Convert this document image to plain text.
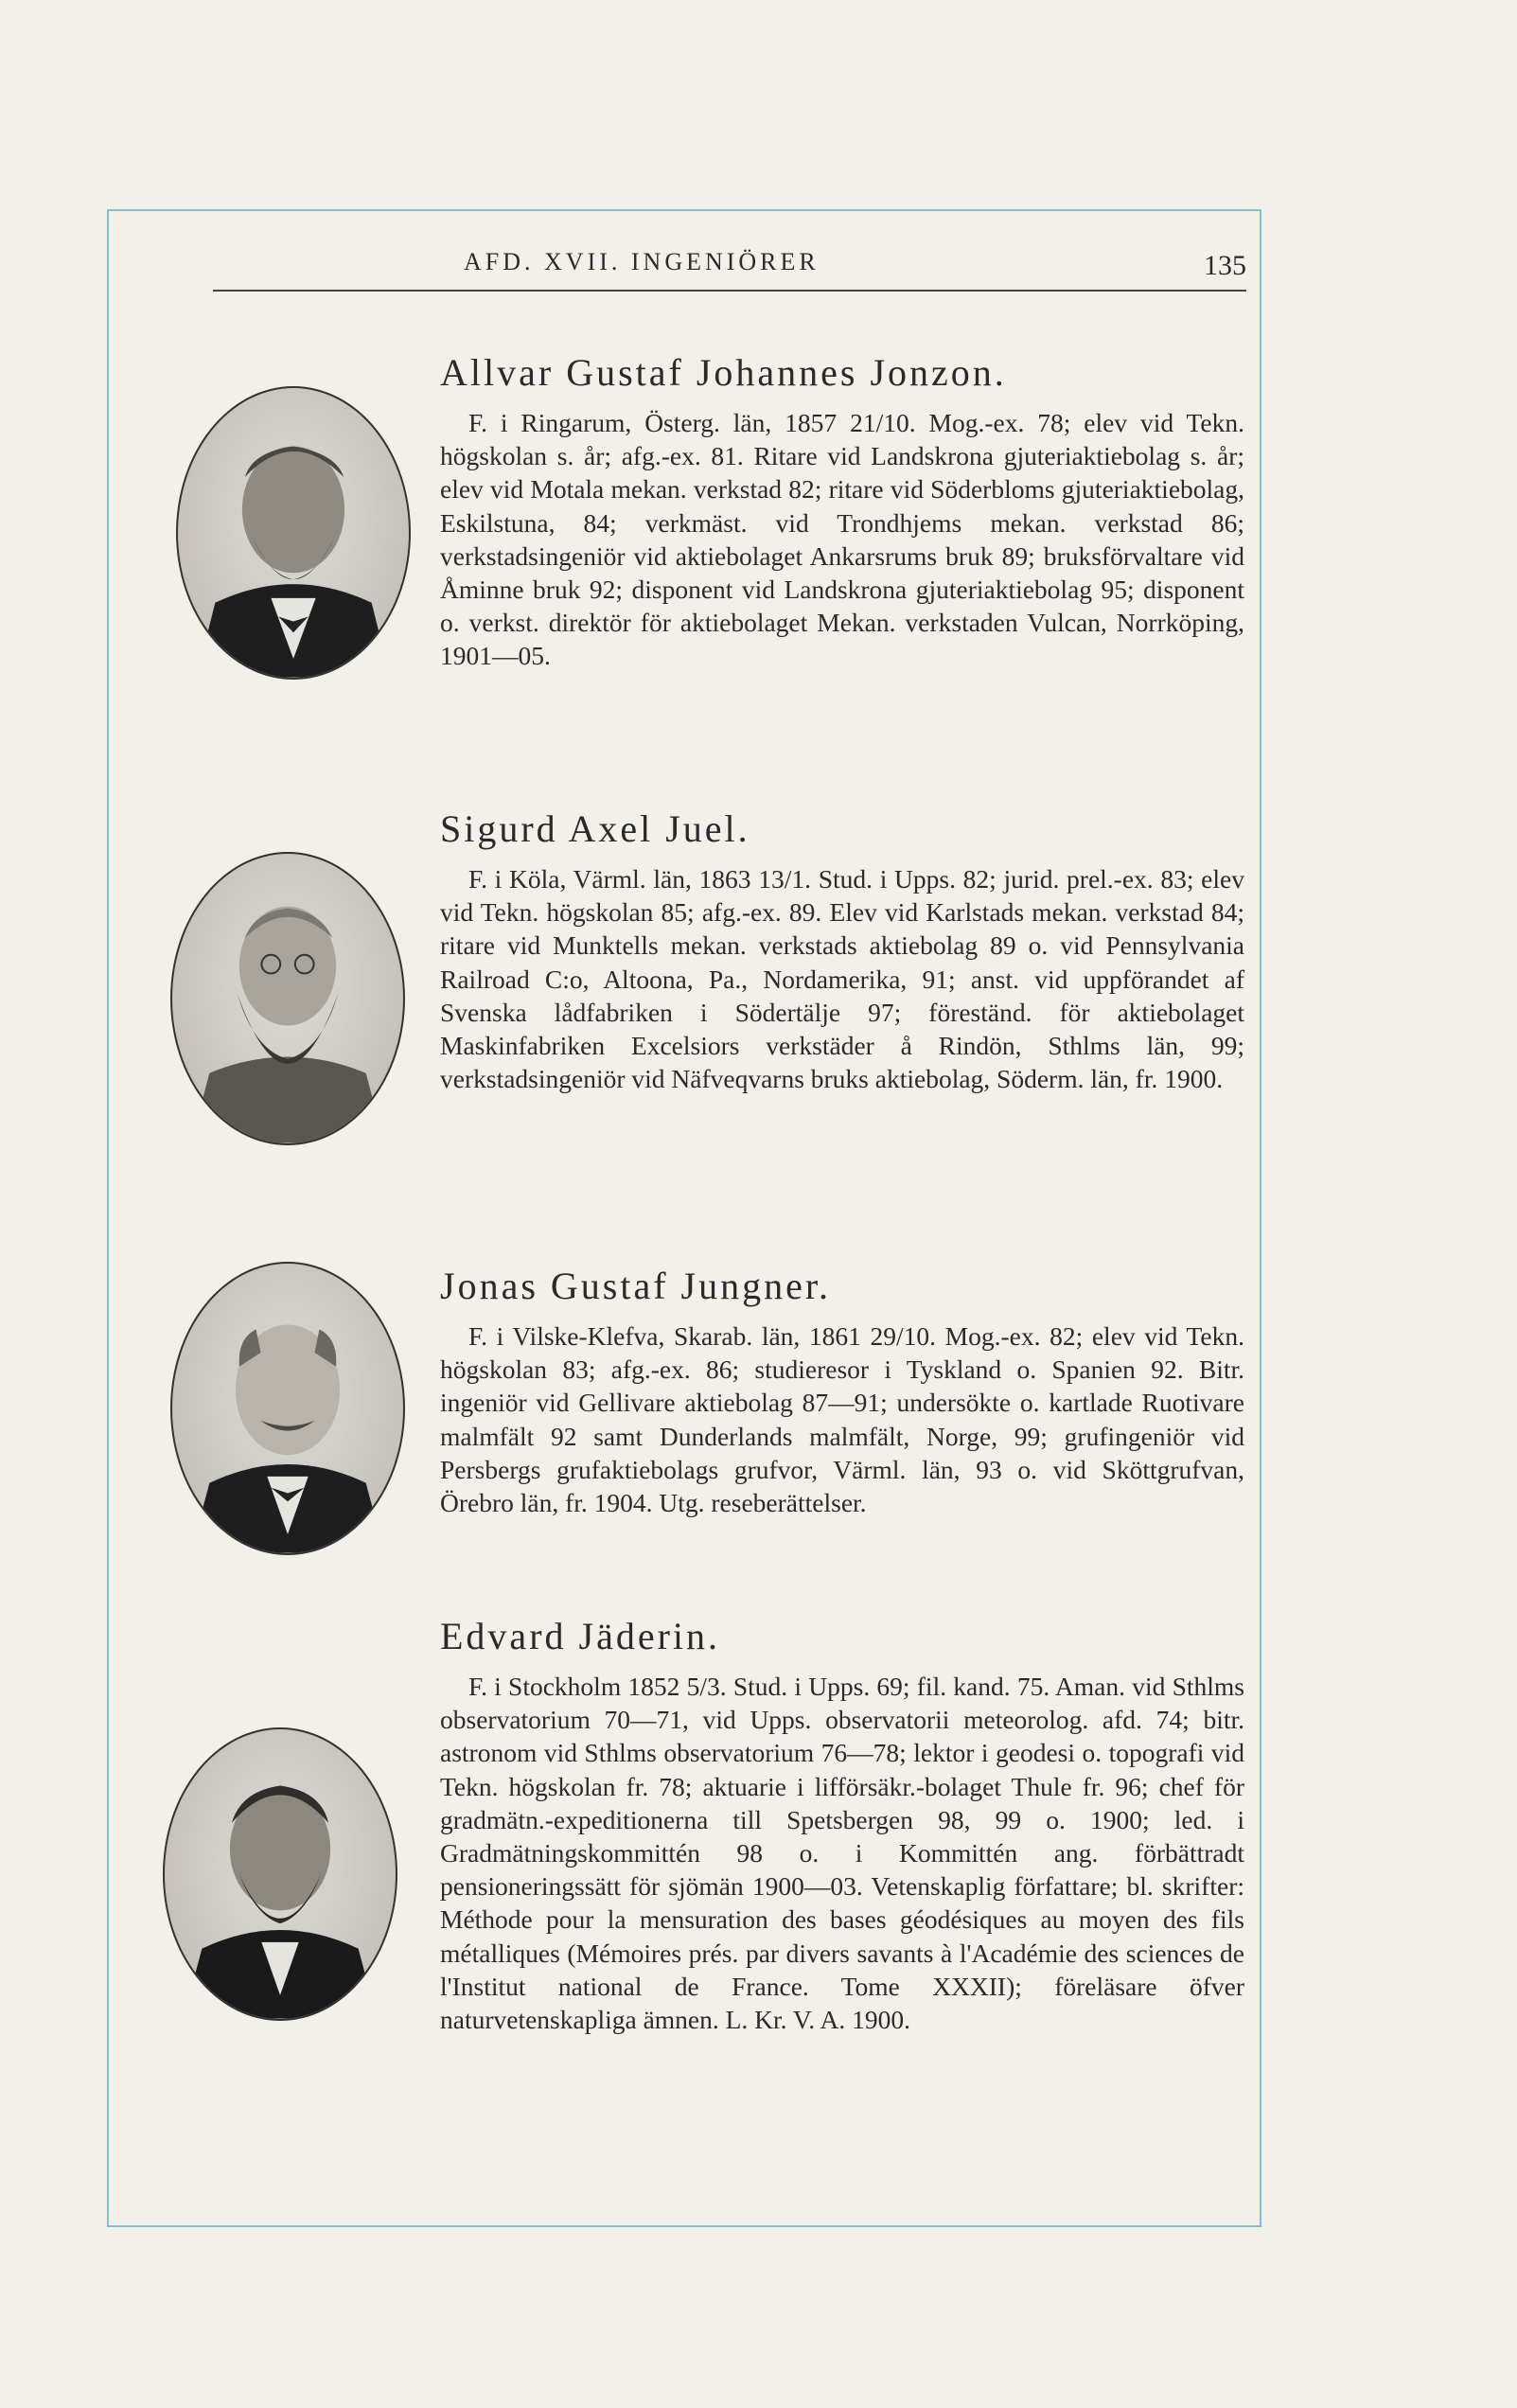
AFD. XVII. INGENIÖRER	135
Allvar Gustaf Johannes Jonzon.

F. i Ringarum, Österg. län, 1857 21/10. Mog.-ex. 78; elev vid Tekn. högskolan s. år; afg.-ex. 81. Ritare vid Landskrona gjuteriaktiebolag s. år; elev vid Motala mekan. verkstad 82; ritare vid Söderbloms gjuteriaktiebolag, Eskilstuna, 84; verkmäst. vid Trondhjems mekan. verkstad 86; verkstadsingeniör vid aktiebolaget Ankarsrums bruk 89; bruksförvaltare vid Åminne bruk 92; disponent vid Landskrona gjuteriaktiebolag 95; disponent o. verkst. direktör för aktiebolaget Mekan. verkstaden Vulcan, Norrköping, 1901—05.

Sigurd Axel Juel.

F. i Köla, Värml. län, 1863 13/1. Stud. i Upps. 82; jurid. prel.-ex. 83; elev vid Tekn. högskolan 85; afg.-ex. 89. Elev vid Karlstads mekan. verkstad 84; ritare vid Munktells mekan. verkstads aktiebolag 89 o. vid Pennsylvania Railroad C:o, Altoona, Pa., Nordamerika, 91; anst. vid uppförandet af Svenska lådfabriken i Södertälje 97; föreständ. för aktiebolaget Maskinfabriken Excelsiors verkstäder å Rindön, Sthlms län, 99; verkstadsingeniör vid Näfveqvarns bruks aktiebolag, Söderm. län, fr. 1900.

Jonas Gustaf Jungner.

F. i Vilske-Klefva, Skarab. län, 1861 29/10. Mog.-ex. 82; elev vid Tekn. högskolan 83; afg.-ex. 86; studieresor i Tyskland o. Spanien 92. Bitr. ingeniör vid Gellivare aktiebolag 87—91; undersökte o. kartlade Ruotivare malmfält 92 samt Dunderlands malmfält, Norge, 99; grufingeniör vid Persbergs grufaktiebolags grufvor, Värml. län, 93 o. vid Sköttgrufvan, Örebro län, fr. 1904. Utg. reseberättelser.

Edvard Jäderin.

F. i Stockholm 1852 5/3. Stud. i Upps. 69; fil. kand. 75. Aman. vid Sthlms observatorium 70—71, vid Upps. observatorii meteorolog. afd. 74; bitr. astronom vid Sthlms observatorium 76—78; lektor i geodesi o. topografi vid Tekn. högskolan fr. 78; aktuarie i lifförsäkr.-bolaget Thule fr. 96; chef för gradmätn.-expeditionerna till Spetsbergen 98, 99 o. 1900; led. i Gradmätningskommittén 98 o. i Kommittén ang. förbättradt pensioneringssätt för sjömän 1900—03. Vetenskaplig författare; bl. skrifter: Méthode pour la mensuration des bases géodésiques au moyen des fils métalliques (Mémoires prés. par divers savants à l'Académie des sciences de l'Institut national de France. Tome XXXII); föreläsare öfver naturvetenskapliga ämnen. L. Kr. V. A. 1900.
